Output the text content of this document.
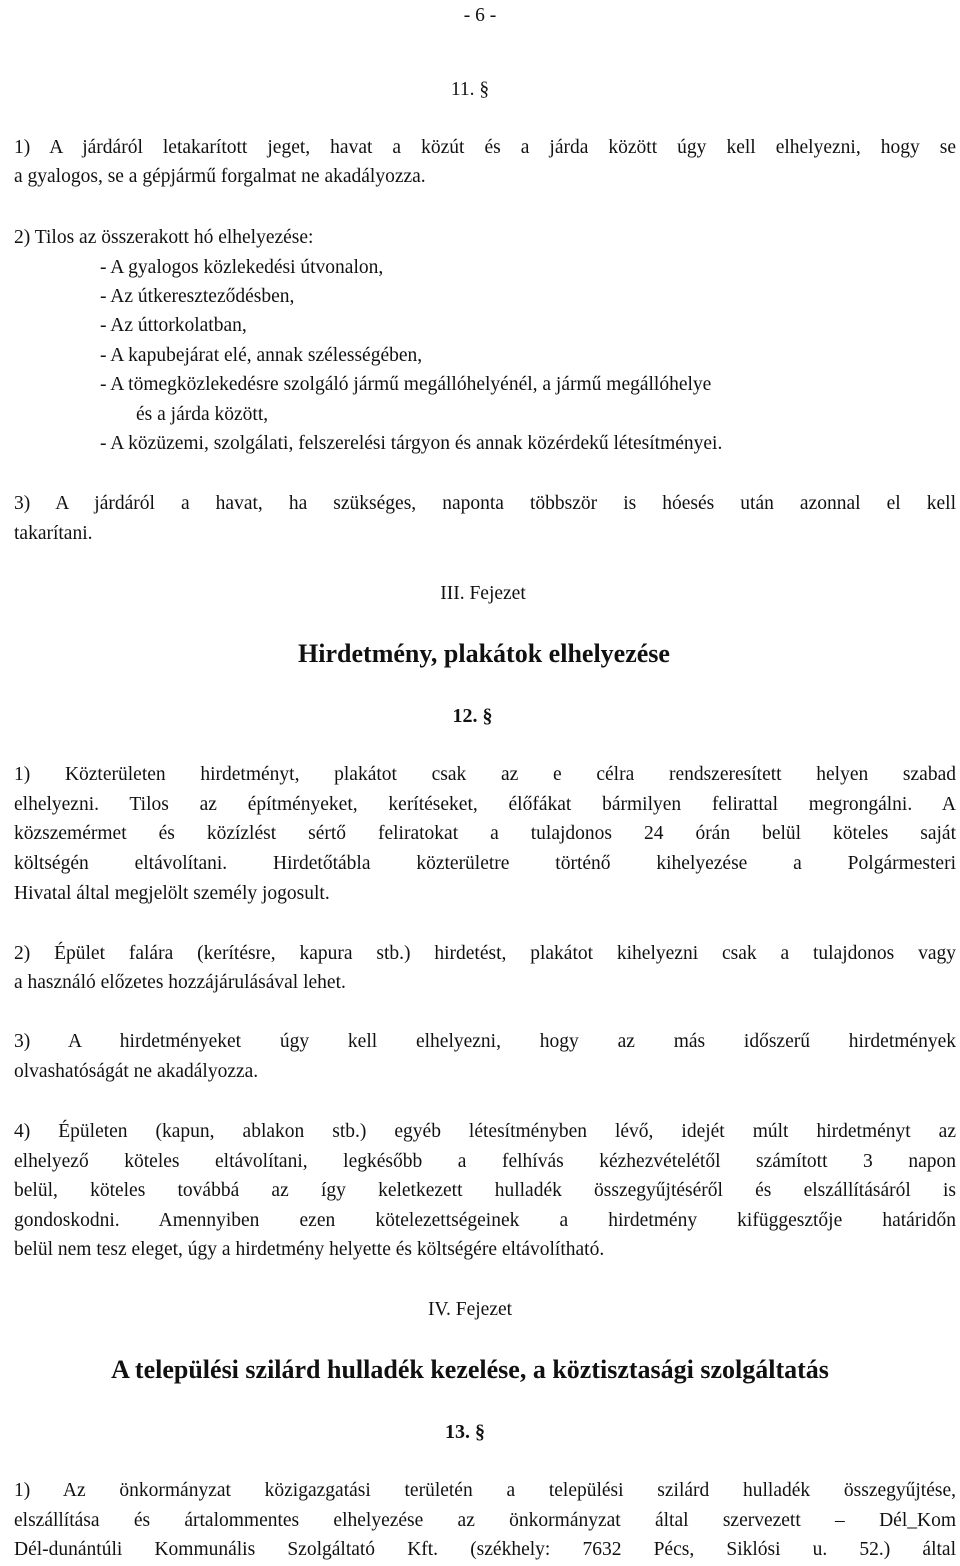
- 6 -
11. §
1) A járdáról letakarított jeget, havat a közút és a járda között úgy kell elhelyezni, hogy se
a gyalogos, se a gépjármű forgalmat ne akadályozza.
2) Tilos az összerakott hó elhelyezése:
- A gyalogos közlekedési útvonalon,
- Az útkereszteződésben,
- Az úttorkolatban,
- A kapubejárat elé, annak szélességében,
- A tömegközlekedésre szolgáló jármű megállóhelyénél, a jármű megállóhelye
és a járda között,
- A közüzemi, szolgálati, felszerelési tárgyon és annak közérdekű létesítményei.
3) A járdáról a havat, ha szükséges, naponta többször is hóesés után azonnal el kell
takarítani.
III. Fejezet
Hirdetmény, plakátok elhelyezése
12. §
1) Közterületen hirdetményt, plakátot csak az e célra rendszeresített helyen szabad
elhelyezni. Tilos az építményeket, kerítéseket, élőfákat bármilyen felirattal megrongálni. A
közszemérmet és közízlést sértő feliratokat a tulajdonos 24 órán belül köteles saját
költségén eltávolítani. Hirdetőtábla közterületre történő kihelyezése a Polgármesteri
Hivatal által megjelölt személy jogosult.
2) Épület falára (kerítésre, kapura stb.) hirdetést, plakátot kihelyezni csak a tulajdonos vagy
a használó előzetes hozzájárulásával lehet.
3) A hirdetményeket úgy kell elhelyezni, hogy az más időszerű hirdetmények
olvashatóságát ne akadályozza.
4) Épületen (kapun, ablakon stb.) egyéb létesítményben lévő, idejét múlt hirdetményt az
elhelyező köteles eltávolítani, legkésőbb a felhívás kézhezvételétől számított 3 napon
belül, köteles továbbá az így keletkezett hulladék összegyűjtéséről és elszállításáról is
gondoskodni. Amennyiben ezen kötelezettségeinek a hirdetmény kifüggesztője határidőn
belül nem tesz eleget, úgy a hirdetmény helyette és költségére eltávolítható.
IV. Fejezet
A települési szilárd hulladék kezelése, a köztisztasági szolgáltatás
13. §
1) Az önkormányzat közigazgatási területén a települési szilárd hulladék összegyűjtése,
elszállítása és ártalommentes elhelyezése az önkormányzat által szervezett – Dél_Kom
Dél-dunántúli Kommunális Szolgáltató Kft. (székhely: 7632 Pécs, Siklósi u. 52.) által
